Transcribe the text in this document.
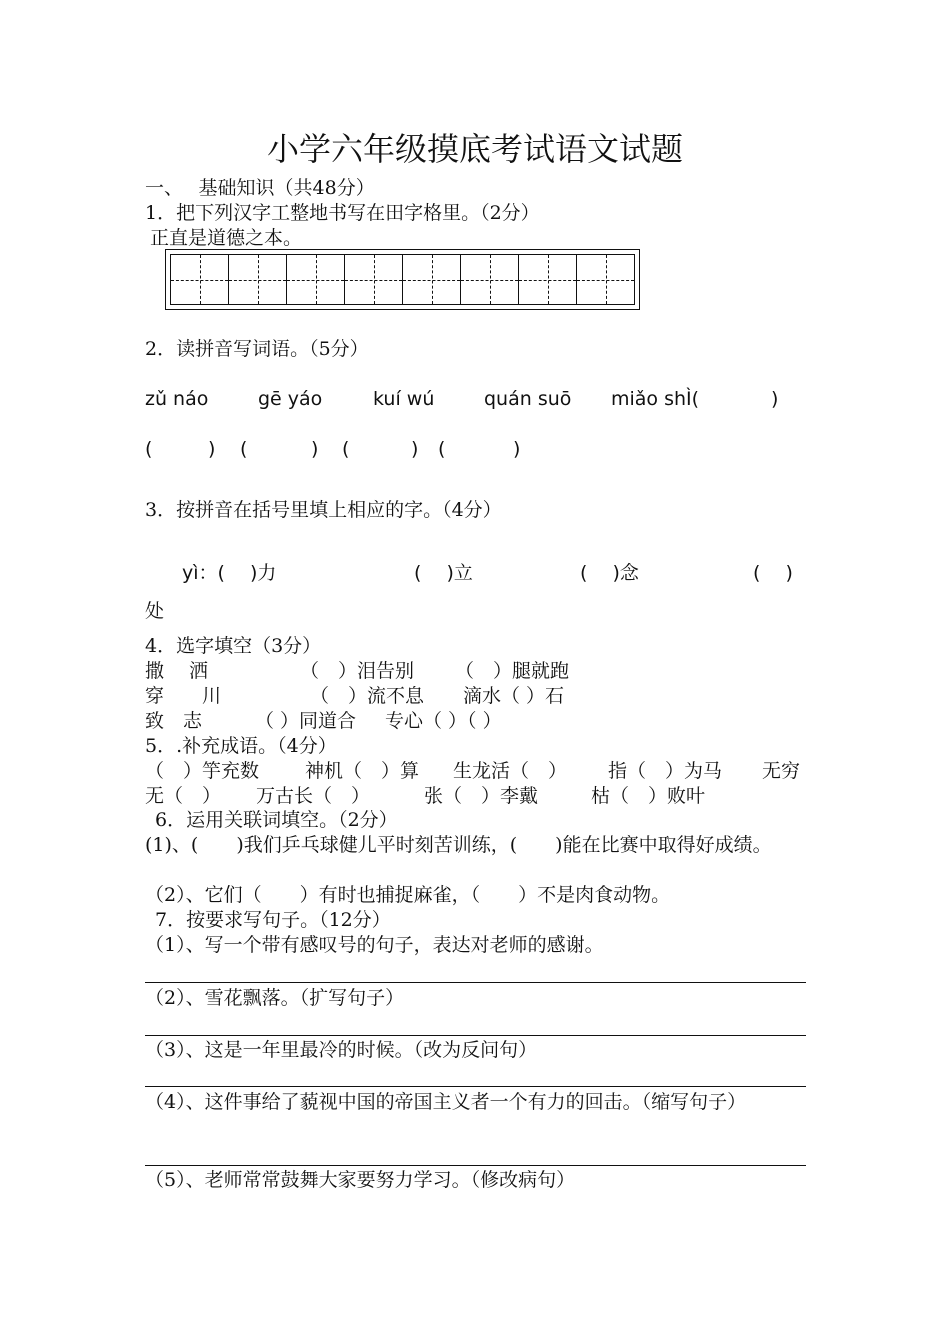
小学六年级摸底考试语文试题
一、　 基础知识（共48分）
1．把下列汉字工整地书写在田字格里。（2分）
正直是道德之本。
2．读拼音写词语。（5分）
zǔ náo	gē yáo	kuí wú	quán suō miǎo shÌ(	)
(	) (	) (	) (	)
3．按拼音在括号里填上相应的字。（4分）
yì：(　 )力	(　 )立	(　 )念	(　 )
处
4．选字填空（3分）
撒　 洒	（　）泪告别 （　）腿就跑
穿　　川	（　）流不息 滴水（ ）石
致　志	（ ）同道合 专心（ ）（ ）
5．.补充成语。（4分）
（　）竽充数 神机（　）算 生龙活（　） 指（　）为马 无穷
无（　） 万古长（　）	张（　）李戴	枯（　）败叶
6．运用关联词填空。（2分）
(1)、(　　)我们乒乓球健儿平时刻苦训练，(　　)能在比赛中取得好成绩。
（2）、它们（　　）有时也捕捉麻雀，（　　）不是肉食动物。
7．按要求写句子。（12分）
（1）、写一个带有感叹号的句子，表达对老师的感谢。
（2）、雪花飘落。（扩写句子）
（3）、这是一年里最冷的时候。（改为反问句）
（4）、这件事给了藐视中国的帝国主义者一个有力的回击。（缩写句子）
（5）、老师常常鼓舞大家要努力学习。（修改病句）
